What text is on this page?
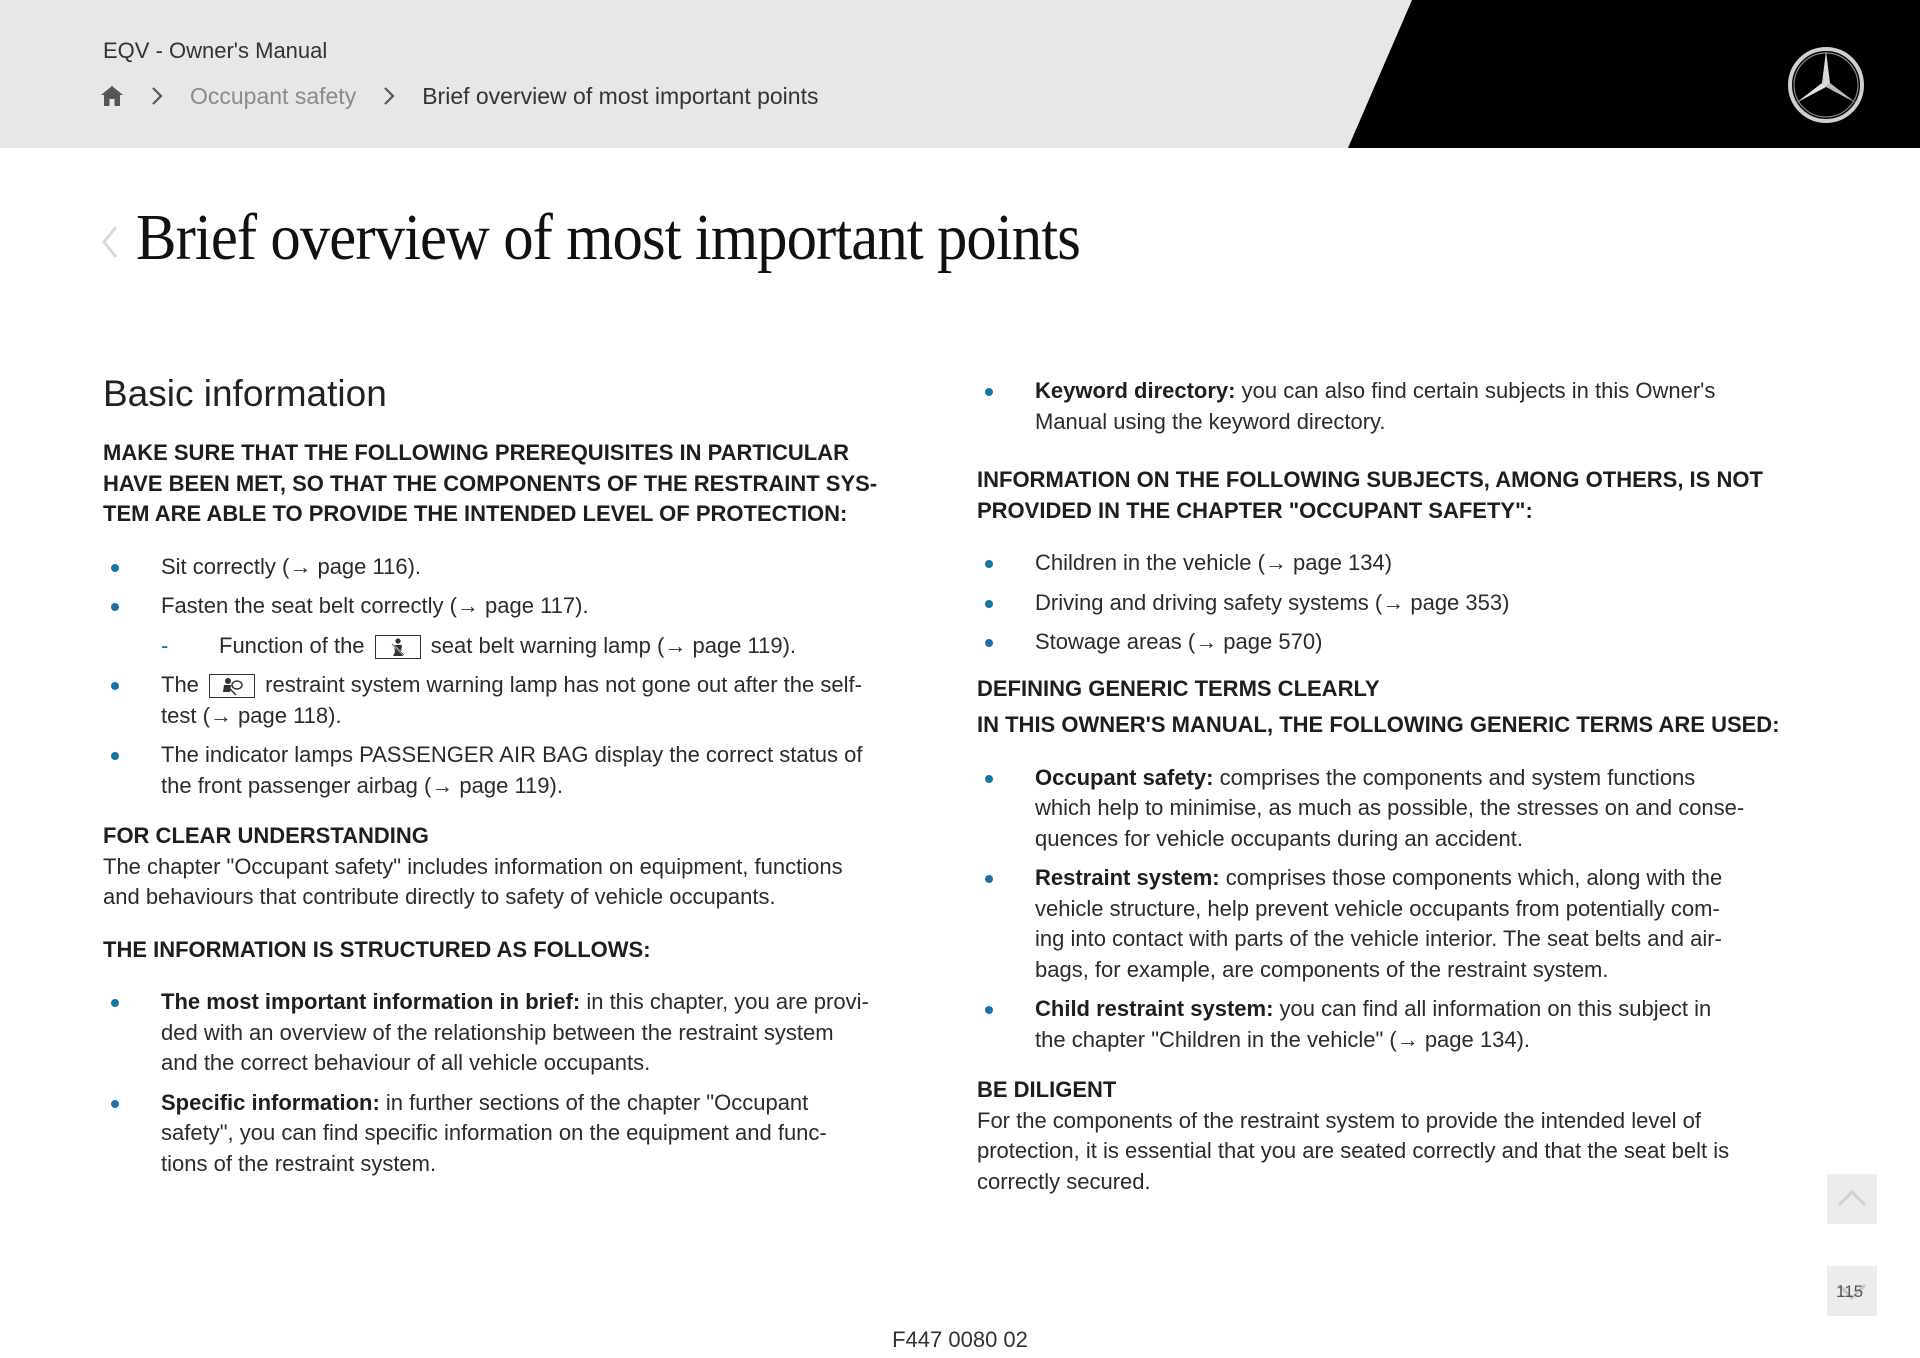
EQV - Owner's Manual
Occupant safety	Brief overview of most important points
Brief overview of most important points
Basic information

MAKE SURE THAT THE FOLLOWING PREREQUISITES IN PARTICULAR
HAVE BEEN MET, SO THAT THE COMPONENTS OF THE RESTRAINT SYS-
TEM ARE ABLE TO PROVIDE THE INTENDED LEVEL OF PROTECTION:

Sit correctly (→ page 116).
Fasten the seat belt correctly (→ page 117).
- Function of the	seat belt warning lamp (→ page 119).
The	restraint system warning lamp has not gone out after the self-
test (→ page 118).
The indicator lamps PASSENGER AIR BAG display the correct status of
the front passenger airbag (→ page 119).

FOR CLEAR UNDERSTANDING

The chapter "Occupant safety" includes information on equipment, functions
and behaviours that contribute directly to safety of vehicle occupants.

THE INFORMATION IS STRUCTURED AS FOLLOWS:

The most important information in brief: in this chapter, you are provi-
ded with an overview of the relationship between the restraint system
and the correct behaviour of all vehicle occupants.
Specific information: in further sections of the chapter "Occupant
safety", you can find specific information on the equipment and func-
tions of the restraint system.
Keyword directory: you can also find certain subjects in this Owner's
Manual using the keyword directory.

INFORMATION ON THE FOLLOWING SUBJECTS, AMONG OTHERS, IS NOT
PROVIDED IN THE CHAPTER "OCCUPANT SAFETY":

Children in the vehicle (→ page 134)
Driving and driving safety systems (→ page 353)
Stowage areas (→ page 570)

DEFINING GENERIC TERMS CLEARLY

IN THIS OWNER'S MANUAL, THE FOLLOWING GENERIC TERMS ARE USED:

Occupant safety: comprises the components and system functions
which help to minimise, as much as possible, the stresses on and conse-
quences for vehicle occupants during an accident.
Restraint system: comprises those components which, along with the
vehicle structure, help prevent vehicle occupants from potentially com-
ing into contact with parts of the vehicle interior. The seat belts and air-
bags, for example, are components of the restraint system.
Child restraint system: you can find all information on this subject in
the chapter "Children in the vehicle" (→ page 134).

BE DILIGENT

For the components of the restraint system to provide the intended level of
protection, it is essential that you are seated correctly and that the seat belt is
correctly secured.

115
F447 0080 02
